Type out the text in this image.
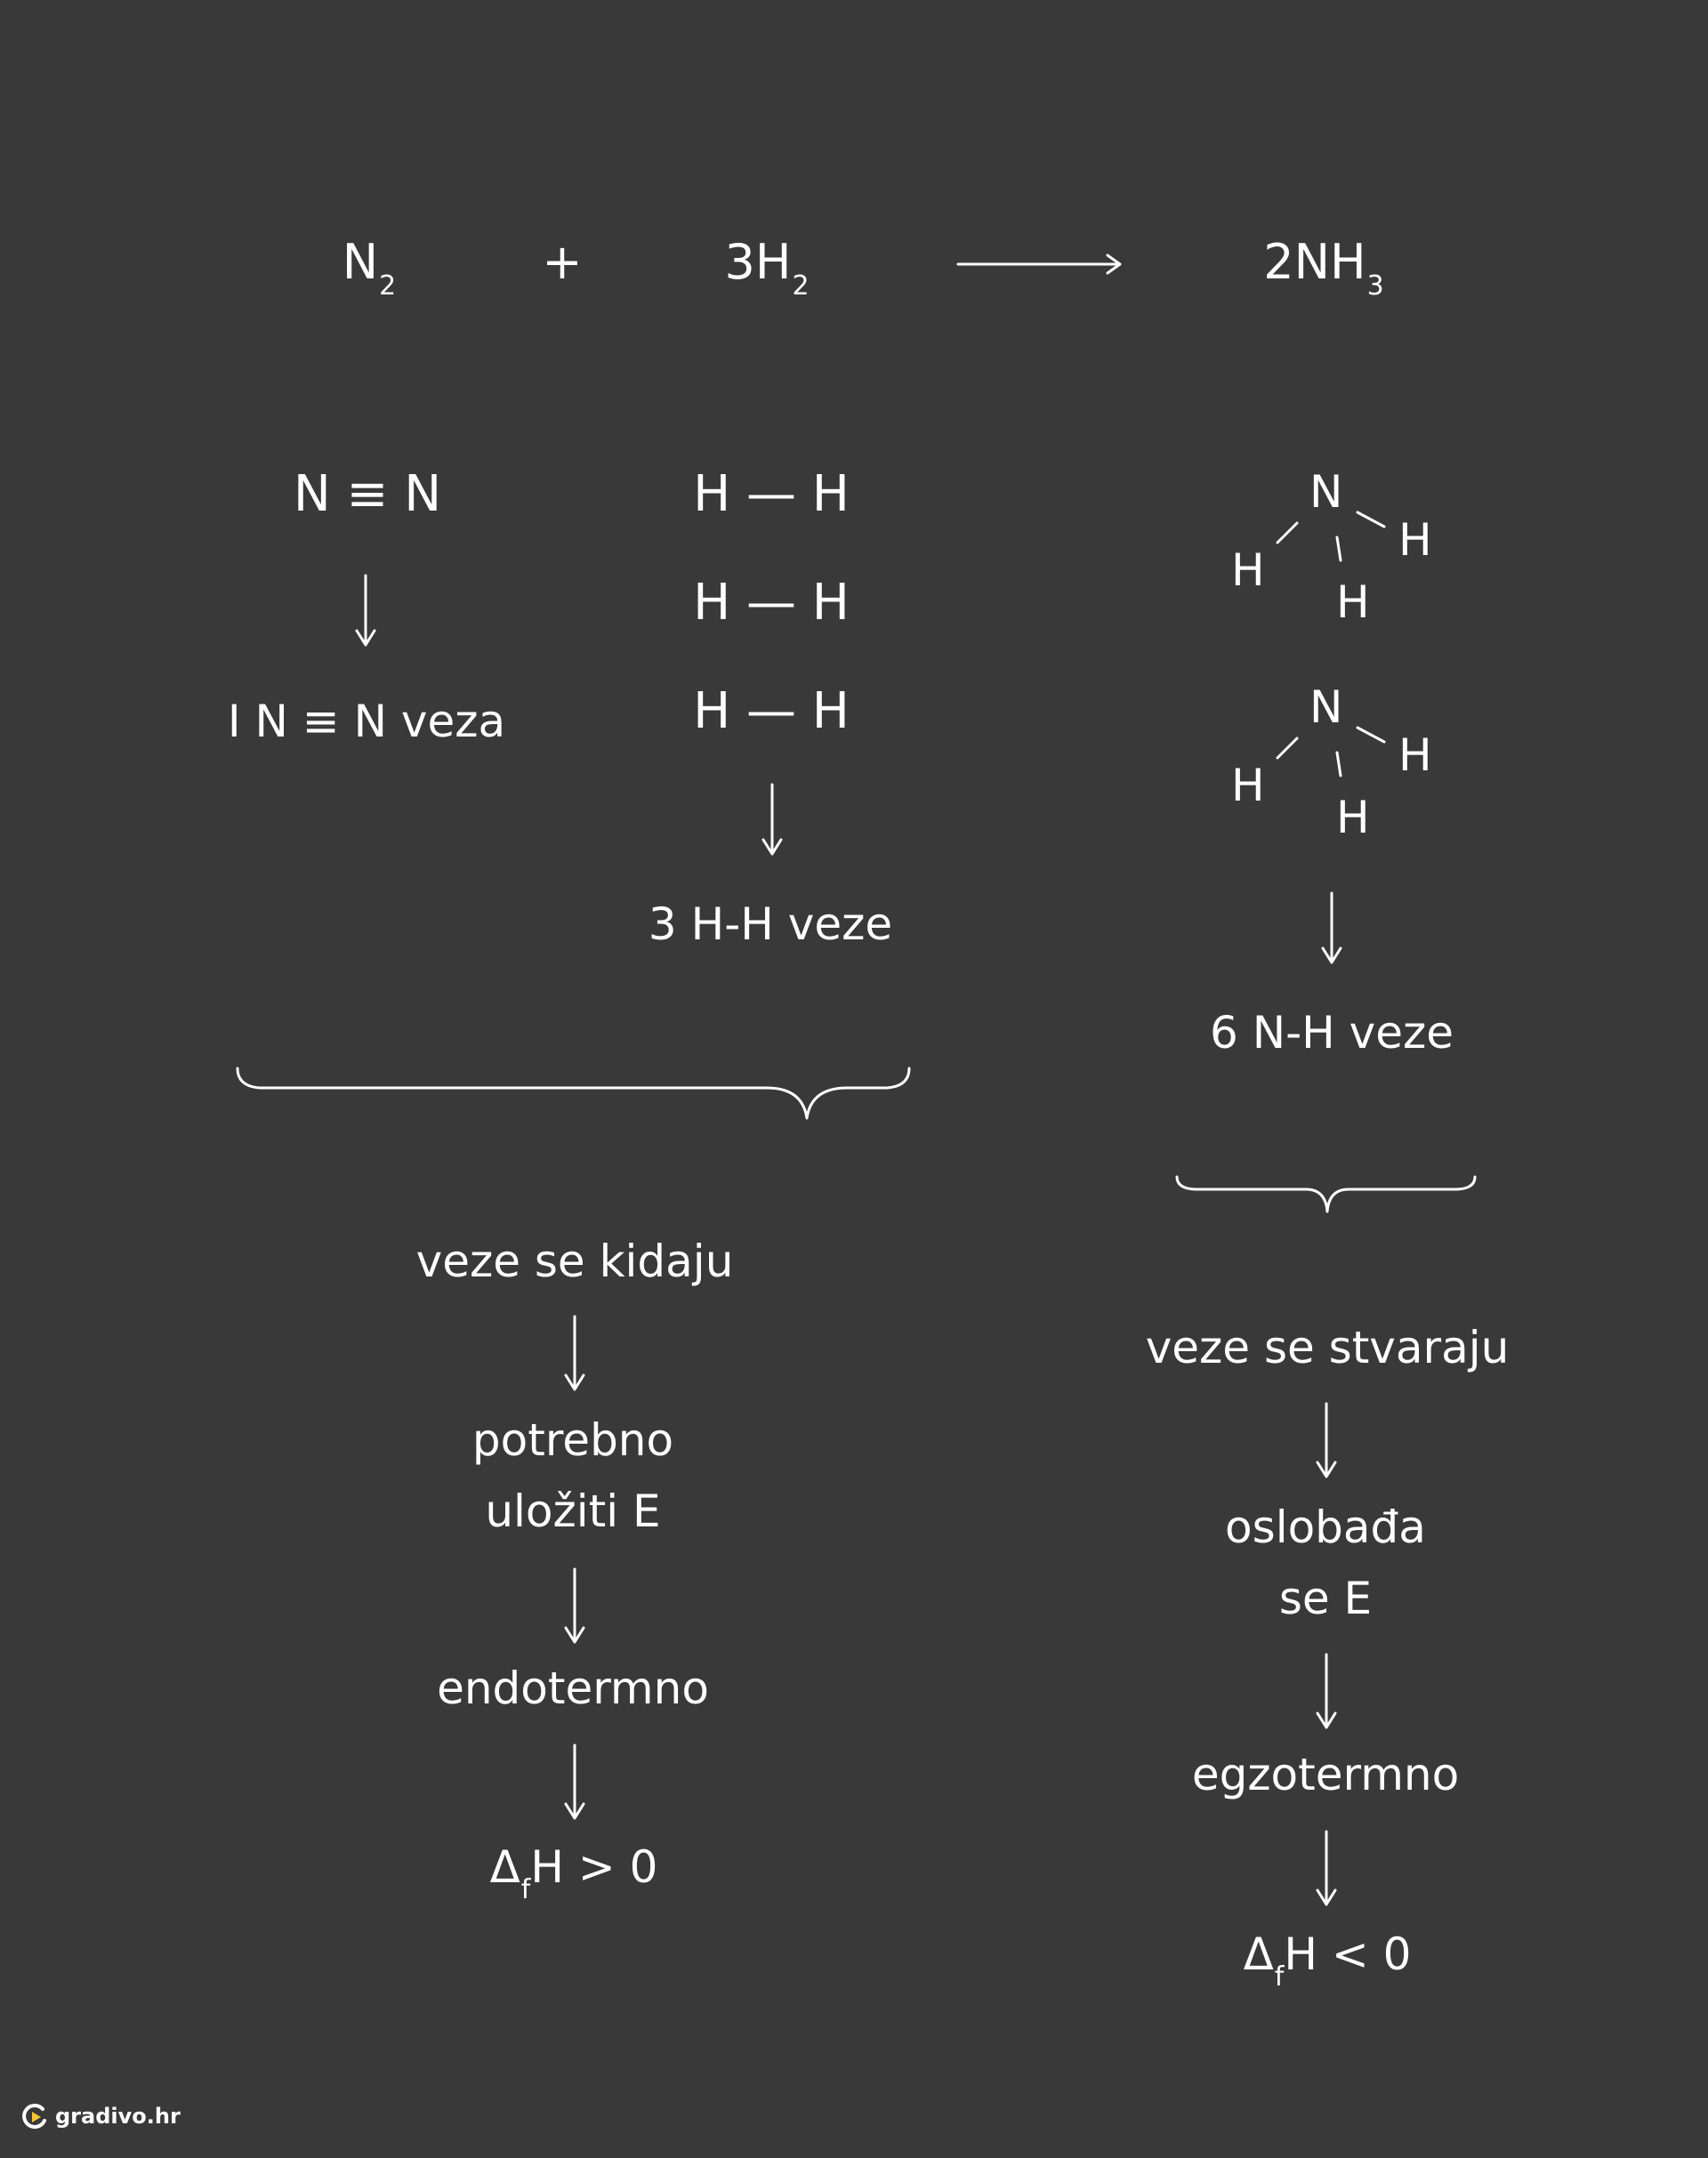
$N_2$	+	$3H_2$	$2NH_3$
N ≡ N
I N ≡ N veza
H — H
H — H
H — H
3 H-H veze
N
H
H
H
N
H
H
H
6 N-H veze
veze se kidaju
potrebno
uložiti E
endotermno
$\Delta_fH > 0$
veze se stvaraju
oslobađa
se E
egzotermno
$\Delta_fH < 0$
gradivo.hr
